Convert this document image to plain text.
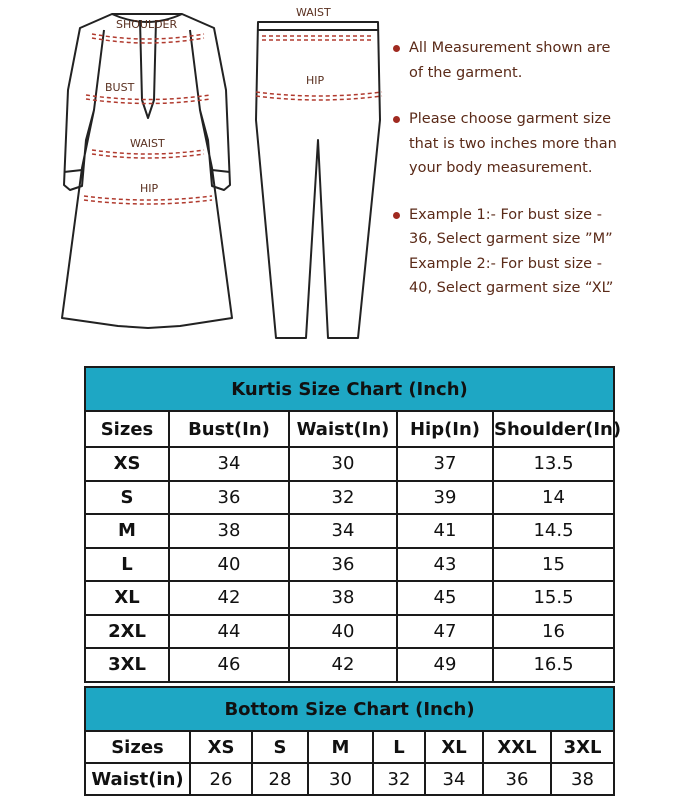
SHOULDER
BUST
WAIST
HIP
WAIST
HIP
All Measurement shown are
of the garment.
Please choose garment size
that is two inches more than
your body measurement.
Example 1:- For bust size -
36, Select garment size ”M”
Example 2:- For bust size -
40, Select garment size “XL”
Kurtis Size Chart (Inch)				
Sizes	Bust(In)	Waist(In)	Hip(In)	Shoulder(In)
XS	34	30	37	13.5
S	36	32	39	14
M	38	34	41	14.5
L	40	36	43	15
XL	42	38	45	15.5
2XL	44	40	47	16
3XL	46	42	49	16.5
Bottom Size Chart (Inch)							
Sizes	XS	S	M	L	XL	XXL	3XL
Waist(in)	26	28	30	32	34	36	38
